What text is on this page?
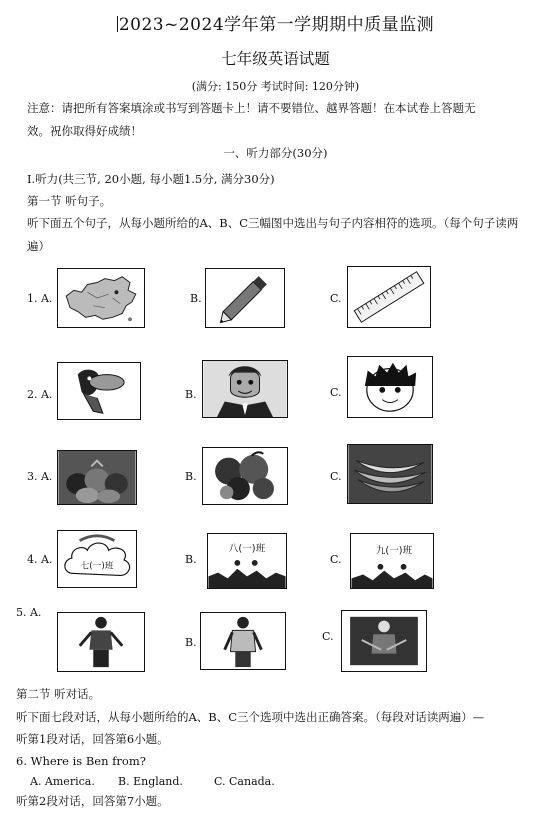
2023~2024学年第一学期期中质量监测
七年级英语试题
(满分: 150分 考试时间: 120分钟)
注意：请把所有答案填涂或书写到答题卡上！请不要错位、越界答题！在本试卷上答题无
效。祝你取得好成绩！
一、听力部分(30分)
I.听力(共三节, 20小题, 每小题1.5分, 满分30分)
第一节 听句子。
听下面五个句子，从每小题所给的A、B、C三幅图中选出与句子内容相符的选项。（每个句子读两
遍）
1. A.	B.	C.
2. A.	B.	C.
3. A.	B.	C.
4. A.
七(一)班
B.
八(一)班
C.
九(一)班
5. A.
B.	C.
第二节 听对话。
听下面七段对话，从每小题所给的A、B、C三个选项中选出正确答案。（每段对话读两遍）—
听第1段对话，回答第6小题。
6. Where is Ben from?
A. America. B. England.	C. Canada.
听第2段对话，回答第7小题。
